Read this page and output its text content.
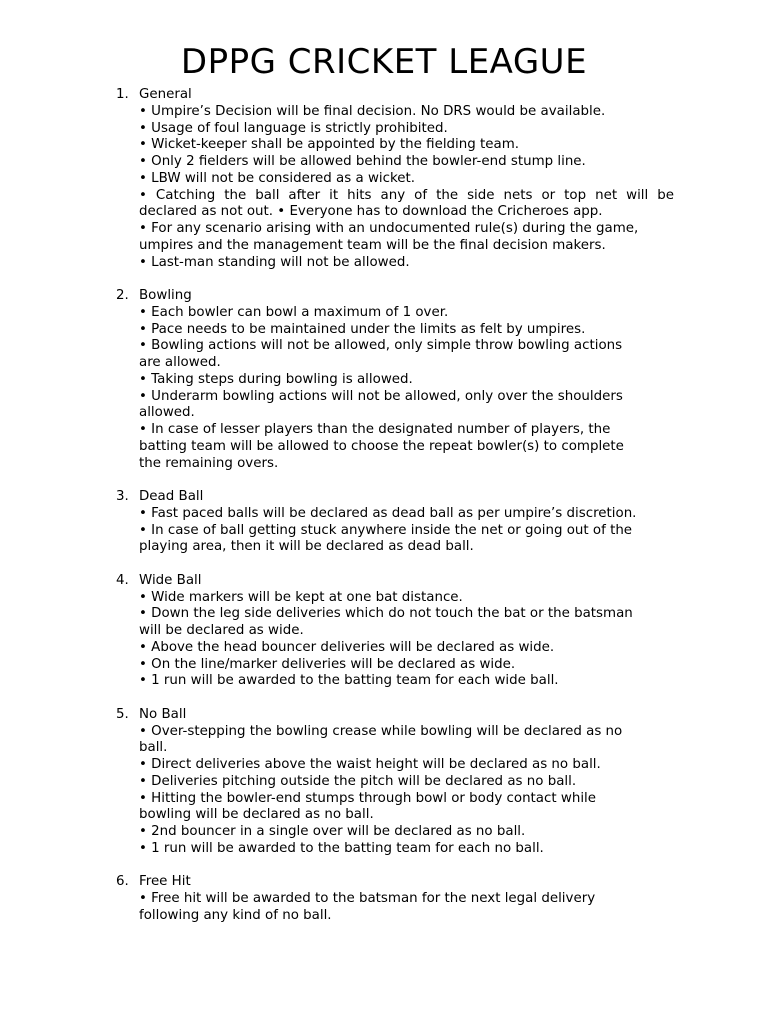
DPPG CRICKET LEAGUE
1. General
• Umpire’s Decision will be final decision. No DRS would be available.
• Usage of foul language is strictly prohibited.
• Wicket-keeper shall be appointed by the fielding team.
• Only 2 fielders will be allowed behind the bowler-end stump line.
• LBW will not be considered as a wicket.
• Catching the ball after it hits any of the side nets or top net will be
declared as not out. • Everyone has to download the Cricheroes app.
• For any scenario arising with an undocumented rule(s) during the game,
umpires and the management team will be the final decision makers.
• Last-man standing will not be allowed.
2. Bowling
• Each bowler can bowl a maximum of 1 over.
• Pace needs to be maintained under the limits as felt by umpires.
• Bowling actions will not be allowed, only simple throw bowling actions
are allowed.
• Taking steps during bowling is allowed.
• Underarm bowling actions will not be allowed, only over the shoulders
allowed.
• In case of lesser players than the designated number of players, the
batting team will be allowed to choose the repeat bowler(s) to complete
the remaining overs.
3. Dead Ball
• Fast paced balls will be declared as dead ball as per umpire’s discretion.
• In case of ball getting stuck anywhere inside the net or going out of the
playing area, then it will be declared as dead ball.
4. Wide Ball
• Wide markers will be kept at one bat distance.
• Down the leg side deliveries which do not touch the bat or the batsman
will be declared as wide.
• Above the head bouncer deliveries will be declared as wide.
• On the line/marker deliveries will be declared as wide.
• 1 run will be awarded to the batting team for each wide ball.
5. No Ball
• Over-stepping the bowling crease while bowling will be declared as no
ball.
• Direct deliveries above the waist height will be declared as no ball.
• Deliveries pitching outside the pitch will be declared as no ball.
• Hitting the bowler-end stumps through bowl or body contact while
bowling will be declared as no ball.
• 2nd bouncer in a single over will be declared as no ball.
• 1 run will be awarded to the batting team for each no ball.
6. Free Hit
• Free hit will be awarded to the batsman for the next legal delivery
following any kind of no ball.
